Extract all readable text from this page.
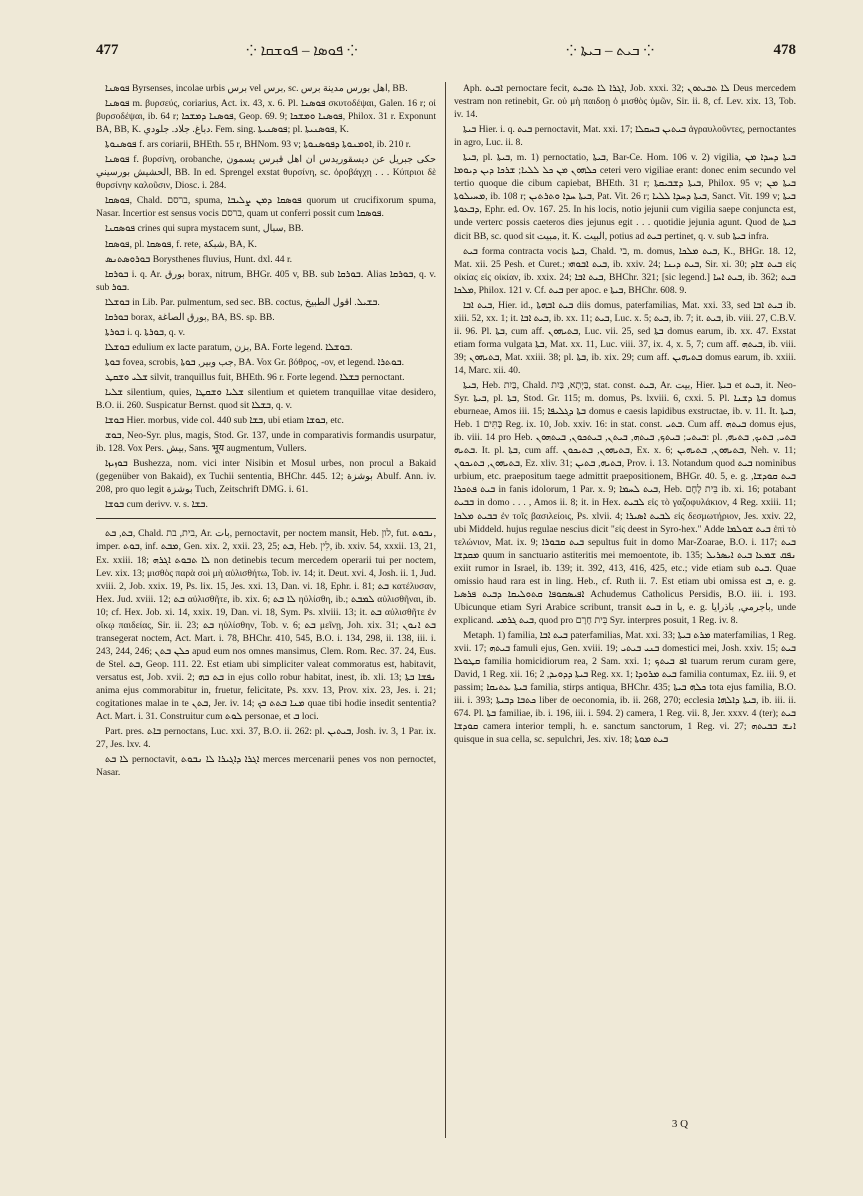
477	⁘ ܦܘܣܐ – ܦܘܫܩܐ ⁘	⁘ ܒܝܬ – ܒܝܬܐ ⁘	478

ܦܘܣܢܐ Byrsenses, incolae urbis برس vel برس, sc. اهل بورس مدينة برس, BB.

ܦܘܣܢܐ m. βυρσεύς, coriarius, Act. ix. 43, x. 6. Pl. ܦܘܣܢܐ σκυτοδέψαι, Galen. 16 r; οἱ βυρσοδέψαι, ib. 64 r; ܦܘܣܢܐ ܕܡܫܟܐ, Geop. 69. 9; ܦܘܣܢܐ ܘܡܫܟܐ, Philox. 31 r. Exponunt BA, BB, K. دباغ. جلاد. جلودي. Fem. sing. ܦܘܣܢܝܬܐ; pl. ܦܘܣܢܝܬܐ, K.

ܦܘܣܢܘܬܐ f. ars coriarii, BHEth. 55 r, BHNom. 93 v; ܐܘܡܢܘܬܐ ܕܦܘܣܢܘܬܐ, ib. 210 r.

ܦܘܣܢܐ f. βυρσίνη, orobanche, حكى جبريل عن ديسقوريدس ان اهل قبرس يسمون الحشيش بورسيني, BB. In ed. Sprengel exstat θυρσίνη, sc. ὀροβάγχη . . . Κύπριοι δὲ θυρσίνην καλοῦσιν, Diosc. i. 284.

ܦܘܣܩܐ, Chald. ברסם, spuma, ܦܘܣܩܐ ܕܡܢ ܨܠܝܒܐ quorum ut crucifixorum spuma, Nasar. Incertior est sensus vocis ברסם, quam ut conferri possit cum ܦܘܣܩܐ.

ܦܘܣܩܢܐ crines qui supra mystacem sunt, سبال, BB.

ܦܘܣܩܐ, pl. ܦܘܣܩܐ, f. rete, شبكة, BA, K.

ܒܘܪܘܣܬܢܣ Borysthenes fluvius, Hunt. dxl. 44 r.

ܒܘܪܩܐ i. q. Ar. بورق borax, nitrum, BHGr. 405 v, BB. sub ܒܘܪܩܐ. Alias ܒܘܪܩܐ, q. v. sub ܒܘܪ.

ܒܘܫܠܐ in Lib. Par. pulmentum, sed sec. BB. coctus, ܒܫܝܠ. اقول الطبيخ.

ܒܘܪܩܐ borax, بورق الصاغة, BA, BS. sp. BB.

ܒܘܪܬܐ i. q. ܒܘܪܬܐ, q. v.

ܒܘܫܠܐ edulium ex lacte paratum, بزن, BA. Forte legend. ܒܘܫܠܐ.

ܒܘܬܐ fovea, scrobis, جب وبير, ܒܘܬܐ, BA. Vox Gr. βόθρος, -ov, et legend. ܒܘܬܪܐ.

ܫܠܝ ܘܫܩܛ silvit, tranquillus fuit, BHEth. 96 r. Forte legend. ܒܫܠܐ pernoctant.

ܫܠܝܐ silentium, quies, ܫܠܝܐ ܘܫܩܛܐ silentium et quietem tranquillae vitae desidero, B.O. ii. 260. Suspicatur Bernst. quod sit ܒܫܠܐ, q. v.

ܒܘܫܐ Hier. morbus, vide col. 440 sub ܒܫܐ, ubi etiam ܒܘܫܐ, etc.

ܒܘܫ, Neo-Syr. plus, magis, Stod. Gr. 137, unde in comparativis formandis usurpatur, ib. 128. Vox Pers. بيش, Sans. भूय augmentum, Vullers.

ܒܘܙܝܙܐ Bushezza, nom. vici inter Nisibin et Mosul urbes, non procul a Bakaid (gegenüber von Bakaid), ex Tuchii sententia, BHChr. 445. 12; بوشزة Abulf. Ann. iv. 208, pro quo legit بوشزة Tuch, Zeitschrift DMG. i. 61.

ܒܘܫܐ cum derivv. v. s. ܒܫܐ.

ܒܬ, ܒܬ, Chald. בית, בת, Ar. بات, pernoctavit, per noctem mansit, Heb. לון, fut. ܢܒܘܬ, imper. ܒܘܬ, inf. ܡܒܬ, Gen. xix. 2, xxii. 23, 25; ܒܬ, Heb. לִין, ib. xxiv. 54, xxxii. 13, 21, Ex. xxiii. 18; ܠܐ ܬܒܘܬ ܐܓܪܗ non detinebis tecum mercedem operarii tui per noctem, Lev. xix. 13; μισθὸς παρὰ σοὶ μὴ αὐλισθήτω, Tob. iv. 14; it. Deut. xvi. 4, Josh. ii. 1, Jud. xviii. 2, Job. xxix. 19, Ps. lix. 15, Jes. xxi. 13, Dan. vi. 18, Ephr. i. 81; ܒܬ κατέλυσαν, Hex. Jud. xviii. 12; ܒܬ αὐλισθῆτε, ib. xix. 6; ܠܐ ܒܬ ηὐλίσθη, ib.; ܠܡܒܬ αὐλισθῆναι, ib. 10; cf. Hex. Job. xi. 14, xxix. 19, Dan. vi. 18, Sym. Ps. xlviii. 13; it. ܒܬ αὐλισθῆτε ἐν οἴκῳ παιδείας, Sir. ii. 23; ܒܬ ηὐλίσθην, Tob. v. 6; ܒܬ μεῖνῃ, Joh. xix. 31; ܒܬ ܐܢܘܢ transegerat noctem, Act. Mart. i. 78, BHChr. 410, 545, B.O. i. 134, 298, ii. 138, iii. i. 243, 244, 246; ܟܠܢ ܒܬܢ apud eum nos omnes mansimus, Clem. Rom. Rec. 37. 24, Eus. de Stel. ܒܬ, Geop. 111. 22. Est etiam ubi simpliciter valeat commoratus est, habitavit, versatus est, Job. xvii. 2; ܒܬ ܒܗ in ejus collo robur habitat, inest, ib. xli. 13; ܢܦܫܐ ܒܬܐ anima ejus commorabitur in, fruetur, felicitate, Ps. xxv. 13, Prov. xix. 23, Jes. i. 21; cogitationes malae in te ܒܬܢ, Jer. iv. 14; ܡܢܐ ܒܬܬ ܒܟ quae tibi hodie insedit sententia? Act. Mart. i. 31. Construitur cum ܠܘܬ personae, et ܒ loci.

Part. pres. ܒܐܬ pernoctans, Luc. xxi. 37, B.O. ii. 262: pl. ܒܝܬܝܢ, Josh. iv. 3, 1 Par. ix. 27, Jes. lxv. 4.

ܠܐ ܒܬ pernoctavit, ܐܓܪܐ ܕܐܓܝܪܐ ܠܐ ܢܒܘܬ merces mercenarii penes vos non pernoctet, Nasar.

Aph. ܐܒܝܬ pernoctare fecit, ܐܓܪܐ ܠܐ ܬܒܝܬ, Job. xxxi. 32; ܠܐ ܬܒܝܬܘܢ Deus mercedem vestram non retinebit, Gr. οὐ μὴ παιδοῃ ὁ μισθὸς ὑμῶν, Sir. ii. 8, cf. Lev. xix. 13, Tob. iv. 14.

ܒܝܬܐ Hier. i. q. ܒܝܬ pernoctavit, Mat. xxi. 17; ܒܝܬܝܢ ܒܚܩܠܐ ἀγραυλοῦντες, pernoctantes in agro, Luc. ii. 8.

ܒܝܬܐ, pl. ܒܝܬܐ, m. 1) pernoctatio, ܒܝܬܐ, Bar-Ce. Hom. 106 v. 2) vigilia, ܒܝܬܐ ܕܚܕܐ ܡܢ ܟܠܗܘܢ ܡܢ ܟܠ ܠܠܝܐ; ܫܪܟܐ ܕܝܢ ܕܝܘܡܐ ceteri vero vigiliae erant: donec enim secundo vel tertio quoque die cibum capiebat, BHEth. 31 r; ܒܝܬܐ ܕܫܒܝܩܬܐ, Philox. 95 v; ܒܝܬܐ ܡܢ ܡܚܝܠܘܬܐ, ib. 108 r; ܒܝܬܐ ܚܕܐ ܘܬܪܬܝܢ, Pat. Vit. 26 r; ܒܝܬܐ ܕܚܕܐ ܠܠܝܐ, Sanct. Vit. 199 v; ܒܝܬܐ ܕܒܥܘܬܐ, Ephr. ed. Ov. 167. 25. In his locis, notio jejunii cum vigilia saepe conjuncta est, unde verterc possis caeteros dies jejunus egit . . . quotidie jejunia agunt. Quod de ܒܝܬܐ dicit BB, sc. quod sit مبيت, it. K. البيت, potius ad ܒܝܬ pertinet, q. v. sub ܒܝܬܐ infra.

ܒܝܬ forma contracta vocis ܒܝܬܐ, Chald. בי, m. domus, ܒܝܬ ܡܠܟܐ, K., BHGr. 18. 12, Mat. xii. 25 Pesh. et Curet.; ܒܝܬ ܐܒܘܗܝ, ib. xxiv. 24; ܒܝܬ ܕܝܢܐ, Sir. xi. 30; ܒܝܬ ܫܐܕ εἰς οἰκίας εἰς οἰκίαν, ib. xxix. 24; ܒܝܬ ܐܒܐ, BHChr. 321; [sic legend.] ܒܝܬ ܐܚܐ, ib. 362; ܒܝܬ ܡܠܟܐ, Philox. 121 v. Cf. ܒܝܬ per apoc. e ܒܝܬܐ, BHChr. 608. 9.

ܒܝܬ ܐܒܐ, Hier. id., ܒܝܬ ܐܒܗܬܐ diis domus, paterfamilias, Mat. xxi. 33, sed ܒܝܬ ܐܒܐ ib. xiii. 52, xx. 1; it. ܒܝܬ ܐܒܐ, ib. xx. 11; ܒܝܬ, Luc. x. 5; ܒܝܬ, ib. 7; it. ܒܝܬ, ib. viii. 27, C.B.V. ii. 96. Pl. ܒܬܐ, cum aff. ܒܬܝܗܘܢ, Luc. vii. 25, sed ܒܬܐ domus earum, ib. xx. 47. Exstat etiam forma vulgata ܒܬܐ, Mat. xx. 11, Luc. viii. 37, ix. 4, x. 5, 7; cum aff. ܒܝܬܗ, ib. viii. 39; ܒܬܝܗܘܢ, Mat. xxiii. 38; pl. ܒܬܐ, ib. xix. 29; cum aff. ܒܬܝܗܝܢ domus earum, ib. xxiii. 14, Marc. xii. 40.

ܒܝܬܐ, Heb. בַּיִת, Chald. בַּיְתָא, בַּיִת, stat. const. ܒܝܬ, Ar. بيت, Hier. ܒܝܬܐ et ܒܝܬ, it. Neo-Syr. ܒܝܬܐ, pl. ܒܬܐ, Stod. Gr. 115; m. domus, Ps. lxviii. 6, cxxi. 5. Pl. ܒܬܐ ܕܫܢܐ domus eburneae, Amos iii. 15; ܒܬܐ ܕܓܠܝܦܐ domus e caesis lapidibus exstructae, ib. v. 11. It. ܒܝܬܐ, Heb. בָּתִּים 1 Reg. ix. 10, Job. xxiv. 16: in stat. const. ܒܬܝ. Cum aff. ܒܝܬܗ domus ejus, ib. viii. 14 pro Heb. ܒܝܬܝ; ܒܝܬܟ, ܒܝܬܗ, ܒܝܬܢ, ܒܝܬܟܘܢ, ܒܝܬܗܘܢ: pl. ܒܬܝ, ܒܬܝܟ, ܒܬܝܗ, ܒܬܝܗ. It. pl. ܒܬܐ, cum aff. ܒܬܝܗܘܢ, ܒܬܝܟܘܢ, Ex. x. 6; ܒܬܝܗܘܢ, ܒܬܝܗܝܢ, Neh. v. 11; ܒܬܝܗܘܢ, ܒܬܝܟܘܢ, Ez. xliv. 31; ܒܬܝܗ, ܒܬܝܢ, Prov. i. 13. Notandum quod ܒܝܬ nominibus urbium, etc. praepositum taege admittit praepositionem, BHGr. 40. 5, e. g. ܒܝܬ ܩܘܕܫܐ, ܒܝܬ ܦܬܟܪܐ in fanis idolorum, 1 Par. x. 9; ܒܝܬ ܠܚܡܐ, Heb. בֵּית לֶחֶם ib. xi. 16; potabant ܒܒܝܬ in domo . . . , Amos ii. 8; it. in Hex. ܠܒܝܬ εἰς τὸ γαζοφυλάκιον, 4 Reg. xxiii. 11; ܒܒܝܬ ܡܠܟܐ ἐν τοῖς βασιλείοις, Ps. xlvii. 4; ܠܒܝܬ ܐܣܝܪܐ εἰς δεσμωτήριον, Jes. xxiv. 22, ubi Middeld. hujus regulae nescius dicit "εἰς deest in Syro-hex." Adde ܒܝܬ ܫܘܠܡܐ ἐπὶ τὸ τελώνιον, Mat. ix. 9; ܒܝܬ ܩܒܘܪܐ sepultus fuit in domo Mar-Zoarae, B.O. i. 117; ܒܝܬ ܡܩܕܫܐ quum in sanctuario astiteritis mei memoentote, ib. 135; ܢܦܩ ܫܡܥܐ ܒܝܬ ܐܝܣܪܝܠ exiit rumor in Israel, ib. 139; it. 392, 413, 416, 425, etc.; vide etiam sub ܒܝܬ. Quae omissio haud rara est in ling. Heb., cf. Ruth ii. 7. Est etiam ubi omissa est ܒ, e. g. ܐܦܝܣܩܘܦܐ ܩܬܘܠܝܩܐ ܕܒܝܬ ܦܪܣܝܐ Achudemus Catholicus Persidis, B.O. iii. i. 193. Ubicunque etiam Syri Arabice scribunt, transit ܒܝܬ in با, e. g. باجرمي, باذرايا, unde explicand. ܒܝܬ ܓܪܡܝ, quod pro בֵּית חָרָם Syr. interpres posuit, 1 Reg. iv. 8.

Metaph. 1) familia, ܒܝܬ ܐܒܐ paterfamilias, Mat. xxi. 33; ܡܪܬ ܒܝܬܐ materfamilias, 1 Reg. xvii. 17; ܒܝܬܗ famuli ejus, Gen. xviii. 19; ܒܢܝ ܒܝܬܝ domestici mei, Josh. xxiv. 15; ܒܝܬ ܩܛܘܠܐ familia homicidiorum rea, 2 Sam. xxi. 1; ܐܦ ܒܝܬܟ tuarum rerum curam gere, David, 1 Reg. xii. 16; ܒܝܬܐ ܕܕܘܝܕ, 2 Reg. xx. 1; ܒܝܬ ܡܪܘܕܐ familia contumax, Ez. iii. 9, et passim; ܒܝܬܐ ܥܬܝܩܐ familia, stirps antiqua, BHChr. 435; ܟܠܗ ܒܝܬܐ tota ejus familia, B.O. iii. i. 393; ܟܬܒܐ ܕܒܝܬܐ liber de oeconomia, ib. ii. 268, 270; ecclesia ܒܝܬܐ ܕܐܠܗܐ, ib. iii. ii. 674. Pl. ܒܬܐ familiae, ib. i. 196, iii. i. 594. 2) camera, 1 Reg. vii. 8, Jer. xxxv. 4 (ter); ܒܝܬ ܩܘܕܫܐ camera interior templi, h. e. sanctum sanctorum, 1 Reg. vi. 27; ܐܢܫ ܒܒܝܬܗ quisque in sua cella, sc. sepulchri, Jes. xiv. 18; ܒܝܬ ܡܘܬܐ

3 Q
